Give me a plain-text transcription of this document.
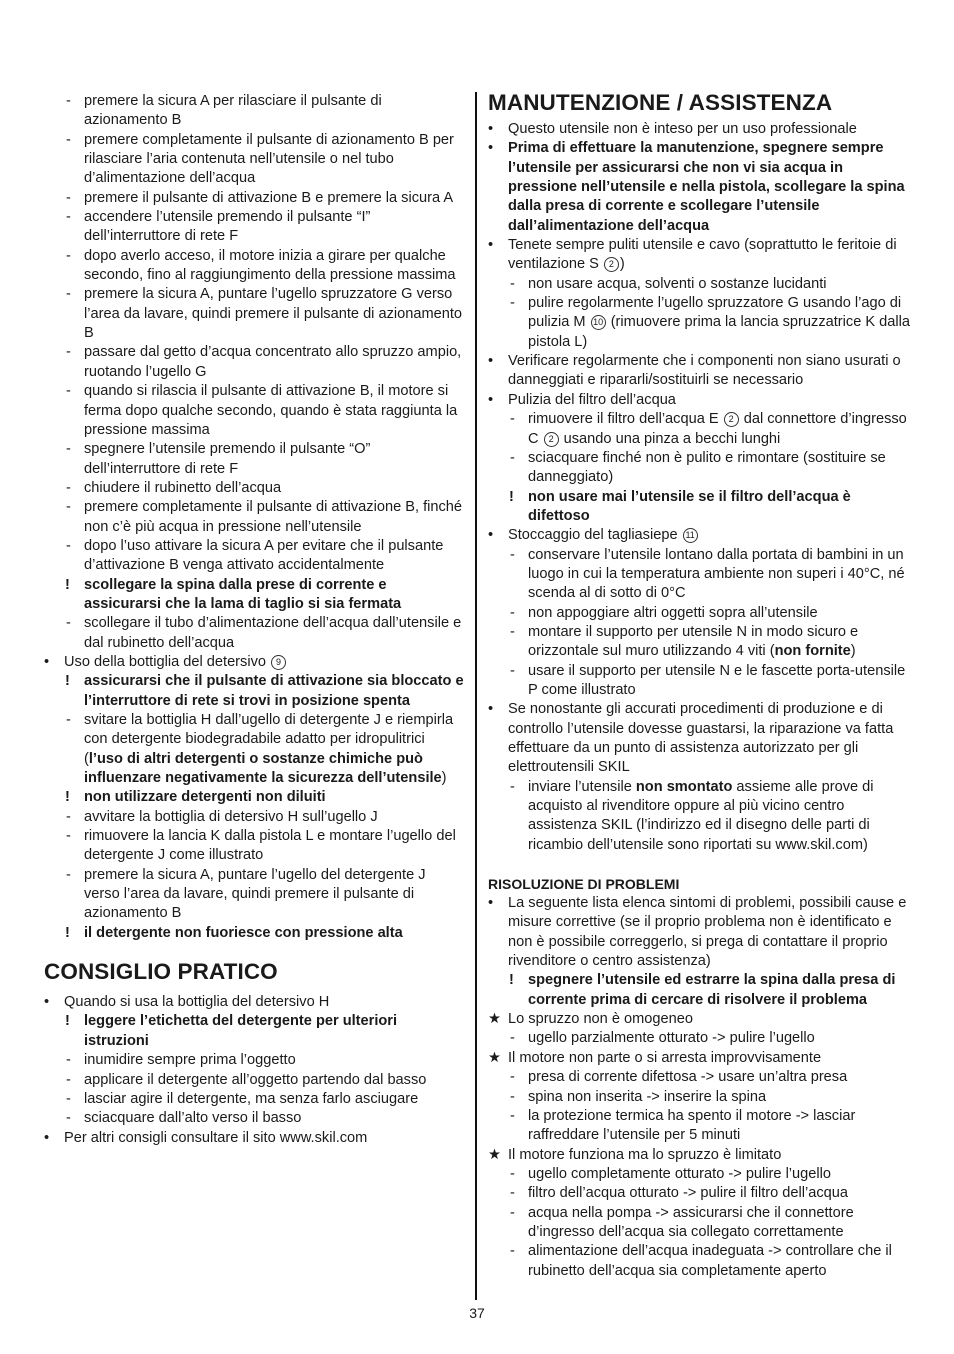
- premere la sicura A per rilasciare il pulsante di azionamento B
- premere completamente il pulsante di azionamento B per rilasciare l’aria contenuta nell’utensile o nel tubo d’alimentazione dell’acqua
- premere il pulsante di attivazione B e premere la sicura A
- accendere l’utensile premendo il pulsante “I” dell’interruttore di rete F
- dopo averlo acceso, il motore inizia a girare per qualche secondo, fino al raggiungimento della pressione massima
- premere la sicura A, puntare l’ugello spruzzatore G verso l’area da lavare, quindi premere il pulsante di azionamento B
- passare dal getto d’acqua concentrato allo spruzzo ampio, ruotando l’ugello G
- quando si rilascia il pulsante di attivazione B, il motore si ferma dopo qualche secondo, quando è stata raggiunta la pressione massima
- spegnere l’utensile premendo il pulsante “O” dell’interruttore di rete F
- chiudere il rubinetto dell’acqua
- premere completamente il pulsante di attivazione B, finché non c’è più acqua in pressione nell’utensile
- dopo l’uso attivare la sicura A per evitare che il pulsante d’attivazione B venga attivato accidentalmente
! scollegare la spina dalla prese di corrente e assicurarsi che la lama di taglio si sia fermata
- scollegare il tubo d’alimentazione dell’acqua dall’utensile e dal rubinetto dell’acqua
• Uso della bottiglia del detersivo 9
! assicurarsi che il pulsante di attivazione sia bloccato e l’interruttore di rete si trovi in posizione spenta
- svitare la bottiglia H dall’ugello di detergente J e riempirla con detergente biodegradabile adatto per idropulitrici (l’uso di altri detergenti o sostanze chimiche può influenzare negativamente la sicurezza dell’utensile)
! non utilizzare detergenti non diluiti
- avvitare la bottiglia di detersivo H sull’ugello J
- rimuovere la lancia K dalla pistola L e montare l’ugello del detergente J come illustrato
- premere la sicura A, puntare l’ugello del detergente J verso l’area da lavare, quindi premere il pulsante di azionamento B
! il detergente non fuoriesce con pressione alta
CONSIGLIO PRATICO
• Quando si usa la bottiglia del detersivo H
! leggere l’etichetta del detergente per ulteriori istruzioni
- inumidire sempre prima l’oggetto
- applicare il detergente all’oggetto partendo dal basso
- lasciar agire il detergente, ma senza farlo asciugare
- sciacquare dall’alto verso il basso
• Per altri consigli consultare il sito www.skil.com
MANUTENZIONE / ASSISTENZA
• Questo utensile non è inteso per un uso professionale
• Prima di effettuare la manutenzione, spegnere sempre l’utensile per assicurarsi che non vi sia acqua in pressione nell’utensile e nella pistola, scollegare la spina dalla presa di corrente e scollegare l’utensile dall’alimentazione dell’acqua
• Tenete sempre puliti utensile e cavo (soprattutto le feritoie di ventilazione S 2 )
- non usare acqua, solventi o sostanze lucidanti
- pulire regolarmente l’ugello spruzzatore G usando l’ago di pulizia M 10 (rimuovere prima la lancia spruzzatrice K dalla pistola L)
• Verificare regolarmente che i componenti non siano usurati o danneggiati e ripararli/sostituirli se necessario
• Pulizia del filtro dell’acqua
- rimuovere il filtro dell’acqua E 2 dal connettore d’ingresso C 2 usando una pinza a becchi lunghi
- sciacquare finché non è pulito e rimontare (sostituire se danneggiato)
! non usare mai l’utensile se il filtro dell’acqua è difettoso
• Stoccaggio del tagliasiepe 11
- conservare l’utensile lontano dalla portata di bambini in un luogo in cui la temperatura ambiente non superi i 40°C, né scenda al di sotto di 0°C
- non appoggiare altri oggetti sopra all’utensile
- montare il supporto per utensile N in modo sicuro e orizzontale sul muro utilizzando 4 viti (non fornite)
- usare il supporto per utensile N e le fascette porta-utensile P come illustrato
• Se nonostante gli accurati procedimenti di produzione e di controllo l’utensile dovesse guastarsi, la riparazione va fatta effettuare da un punto di assistenza autorizzato per gli elettroutensili SKIL
- inviare l’utensile non smontato assieme alle prove di acquisto al rivenditore oppure al più vicino centro assistenza SKIL (l’indirizzo ed il disegno delle parti di ricambio dell’utensile sono riportati su www.skil.com)
RISOLUZIONE DI PROBLEMI
• La seguente lista elenca sintomi di problemi, possibili cause e misure correttive (se il proprio problema non è identificato e non è possibile correggerlo, si prega di contattare il proprio rivenditore o centro assistenza)
! spegnere l’utensile ed estrarre la spina dalla presa di corrente prima di cercare di risolvere il problema
★ Lo spruzzo non è omogeneo
- ugello parzialmente otturato -> pulire l’ugello
★ Il motore non parte o si arresta improvvisamente
- presa di corrente difettosa -> usare un’altra presa
- spina non inserita -> inserire la spina
- la protezione termica ha spento il motore -> lasciar raffreddare l’utensile per 5 minuti
★ Il motore funziona ma lo spruzzo è limitato
- ugello completamente otturato -> pulire l’ugello
- filtro dell’acqua otturato -> pulire il filtro dell’acqua
- acqua nella pompa -> assicurarsi che il connettore d’ingresso dell’acqua sia collegato correttamente
- alimentazione dell’acqua inadeguata -> controllare che il rubinetto dell’acqua sia completamente aperto
37
